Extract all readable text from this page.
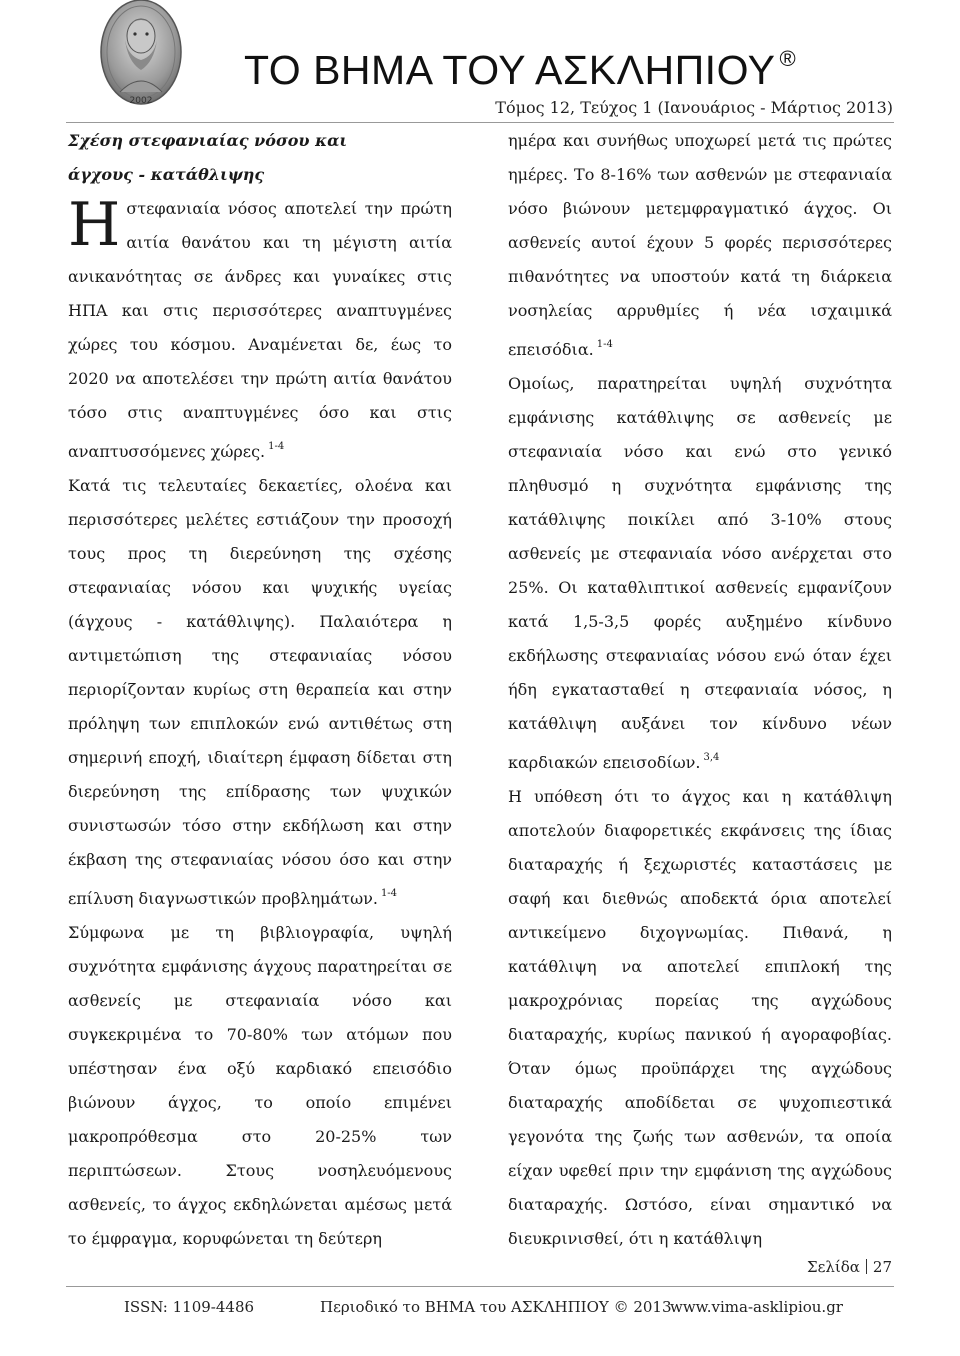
2002
ΤΟ ΒΗΜΑ ΤΟΥ ΑΣΚΛΗΠΙΟΥ ®
Τόμος 12, Τεύχος 1 (Ιανουάριος - Μάρτιος 2013)

Σχέση στεφανιαίας νόσου και άγχους - κατάθλιψης

Ηστεφανιαία νόσος αποτελεί την πρώτη αιτία θανάτου και τη μέγιστη αιτία ανικανότητας σε άνδρες και γυναίκες στις ΗΠΑ και στις περισσότερες αναπτυγμένες χώρες του κόσμου. Αναμένεται δε, έως το 2020 να αποτελέσει την πρώτη αιτία θανάτου τόσο στις αναπτυγμένες όσο και στις αναπτυσσόμενες χώρες. $^{1-4}$

Κατά τις τελευταίες δεκαετίες, ολοένα και περισσότερες μελέτες εστιάζουν την προσοχή τους προς τη διερεύνηση της σχέσης στεφανιαίας νόσου και ψυχικής υγείας (άγχους - κατάθλιψης). Παλαιότερα η αντιμετώπιση της στεφανιαίας νόσου περιορίζονταν κυρίως στη θεραπεία και στην πρόληψη των επιπλοκών ενώ αντιθέτως στη σημερινή εποχή, ιδιαίτερη έμφαση δίδεται στη διερεύνηση της επίδρασης των ψυχικών συνιστωσών τόσο στην εκδήλωση και στην έκβαση της στεφανιαίας νόσου όσο και στην επίλυση διαγνωστικών προβλημάτων. $^{1-4}$

Σύμφωνα με τη βιβλιογραφία, υψηλή συχνότητα εμφάνισης άγχους παρατηρείται σε ασθενείς με στεφανιαία νόσο και συγκεκριμένα το 70-80% των ατόμων που υπέστησαν ένα οξύ καρδιακό επεισόδιο βιώνουν άγχος, το οποίο επιμένει μακροπρόθεσμα στο 20-25% των περιπτώσεων. Στους νοσηλευόμενους ασθενείς, το άγχος εκδηλώνεται αμέσως μετά το έμφραγμα, κορυφώνεται τη δεύτερη

ημέρα και συνήθως υποχωρεί μετά τις πρώτες ημέρες. Το 8-16% των ασθενών με στεφανιαία νόσο βιώνουν μετεμφραγματικό άγχος. Οι ασθενείς αυτοί έχουν 5 φορές περισσότερες πιθανότητες να υποστούν κατά τη διάρκεια νοσηλείας αρρυθμίες ή νέα ισχαιμικά επεισόδια. $^{1-4}$

Ομοίως, παρατηρείται υψηλή συχνότητα εμφάνισης κατάθλιψης σε ασθενείς με στεφανιαία νόσο και ενώ στο γενικό πληθυσμό η συχνότητα εμφάνισης της κατάθλιψης ποικίλει από 3-10% στους ασθενείς με στεφανιαία νόσο ανέρχεται στο 25%. Οι καταθλιπτικοί ασθενείς εμφανίζουν κατά 1,5-3,5 φορές αυξημένο κίνδυνο εκδήλωσης στεφανιαίας νόσου ενώ όταν έχει ήδη εγκατασταθεί η στεφανιαία νόσος, η κατάθλιψη αυξάνει τον κίνδυνο νέων καρδιακών επεισοδίων. $^{3,4}$

Η υπόθεση ότι το άγχος και η κατάθλιψη αποτελούν διαφορετικές εκφάνσεις της ίδιας διαταραχής ή ξεχωριστές καταστάσεις με σαφή και διεθνώς αποδεκτά όρια αποτελεί αντικείμενο διχογνωμίας. Πιθανά, η κατάθλιψη να αποτελεί επιπλοκή της μακροχρόνιας πορείας της αγχώδους διαταραχής, κυρίως πανικού ή αγοραφοβίας. Όταν όμως προϋπάρχει της αγχώδους διαταραχής αποδίδεται σε ψυχοπιεστικά γεγονότα της ζωής των ασθενών, τα οποία είχαν υφεθεί πριν την εμφάνιση της αγχώδους διαταραχής. Ωστόσο, είναι σημαντικό να διευκρινισθεί, ότι η κατάθλιψη

Σελίδα 27
ISSN: 1109-4486	Περιοδικό το ΒΗΜΑ του ΑΣΚΛΗΠΙΟΥ © 2013
www.vima-asklipiou.gr
